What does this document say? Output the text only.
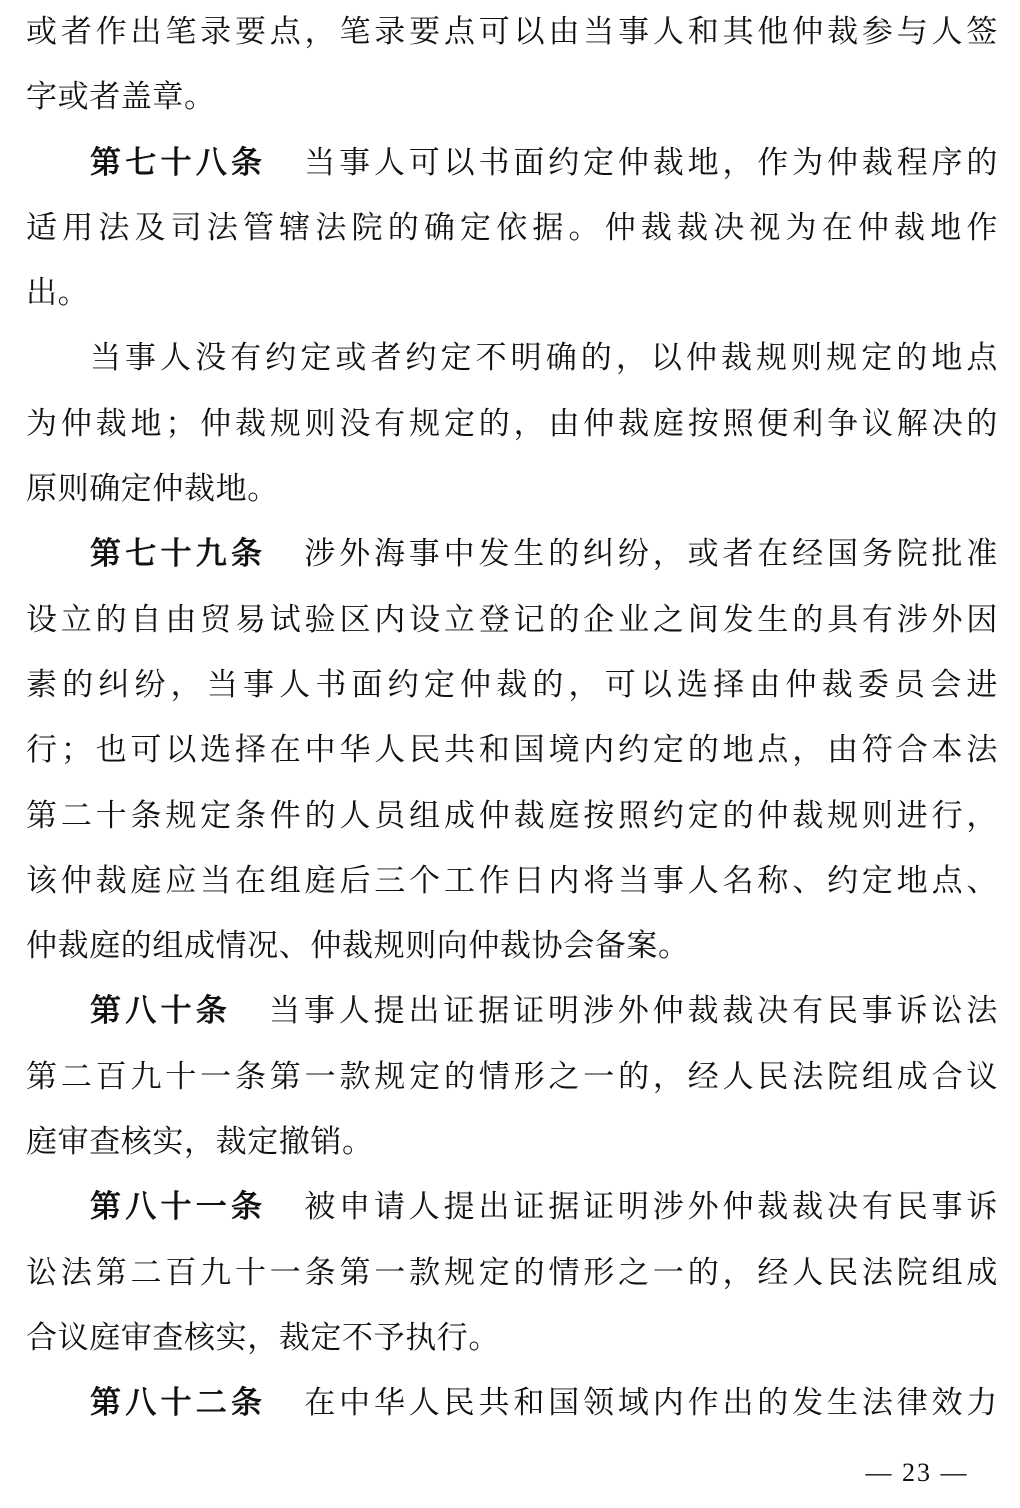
或者作出笔录要点，笔录要点可以由当事人和其他仲裁参与人签
字或者盖章。
第七十八条 当事人可以书面约定仲裁地，作为仲裁程序的
适用法及司法管辖法院的确定依据。仲裁裁决视为在仲裁地作
出。
当事人没有约定或者约定不明确的，以仲裁规则规定的地点
为仲裁地；仲裁规则没有规定的，由仲裁庭按照便利争议解决的
原则确定仲裁地。
第七十九条 涉外海事中发生的纠纷，或者在经国务院批准
设立的自由贸易试验区内设立登记的企业之间发生的具有涉外因
素的纠纷，当事人书面约定仲裁的，可以选择由仲裁委员会进
行；也可以选择在中华人民共和国境内约定的地点，由符合本法
第二十条规定条件的人员组成仲裁庭按照约定的仲裁规则进行，
该仲裁庭应当在组庭后三个工作日内将当事人名称、约定地点、
仲裁庭的组成情况、仲裁规则向仲裁协会备案。
第八十条 当事人提出证据证明涉外仲裁裁决有民事诉讼法
第二百九十一条第一款规定的情形之一的，经人民法院组成合议
庭审查核实，裁定撤销。
第八十一条 被申请人提出证据证明涉外仲裁裁决有民事诉
讼法第二百九十一条第一款规定的情形之一的，经人民法院组成
合议庭审查核实，裁定不予执行。
第八十二条 在中华人民共和国领域内作出的发生法律效力
— 23 —
